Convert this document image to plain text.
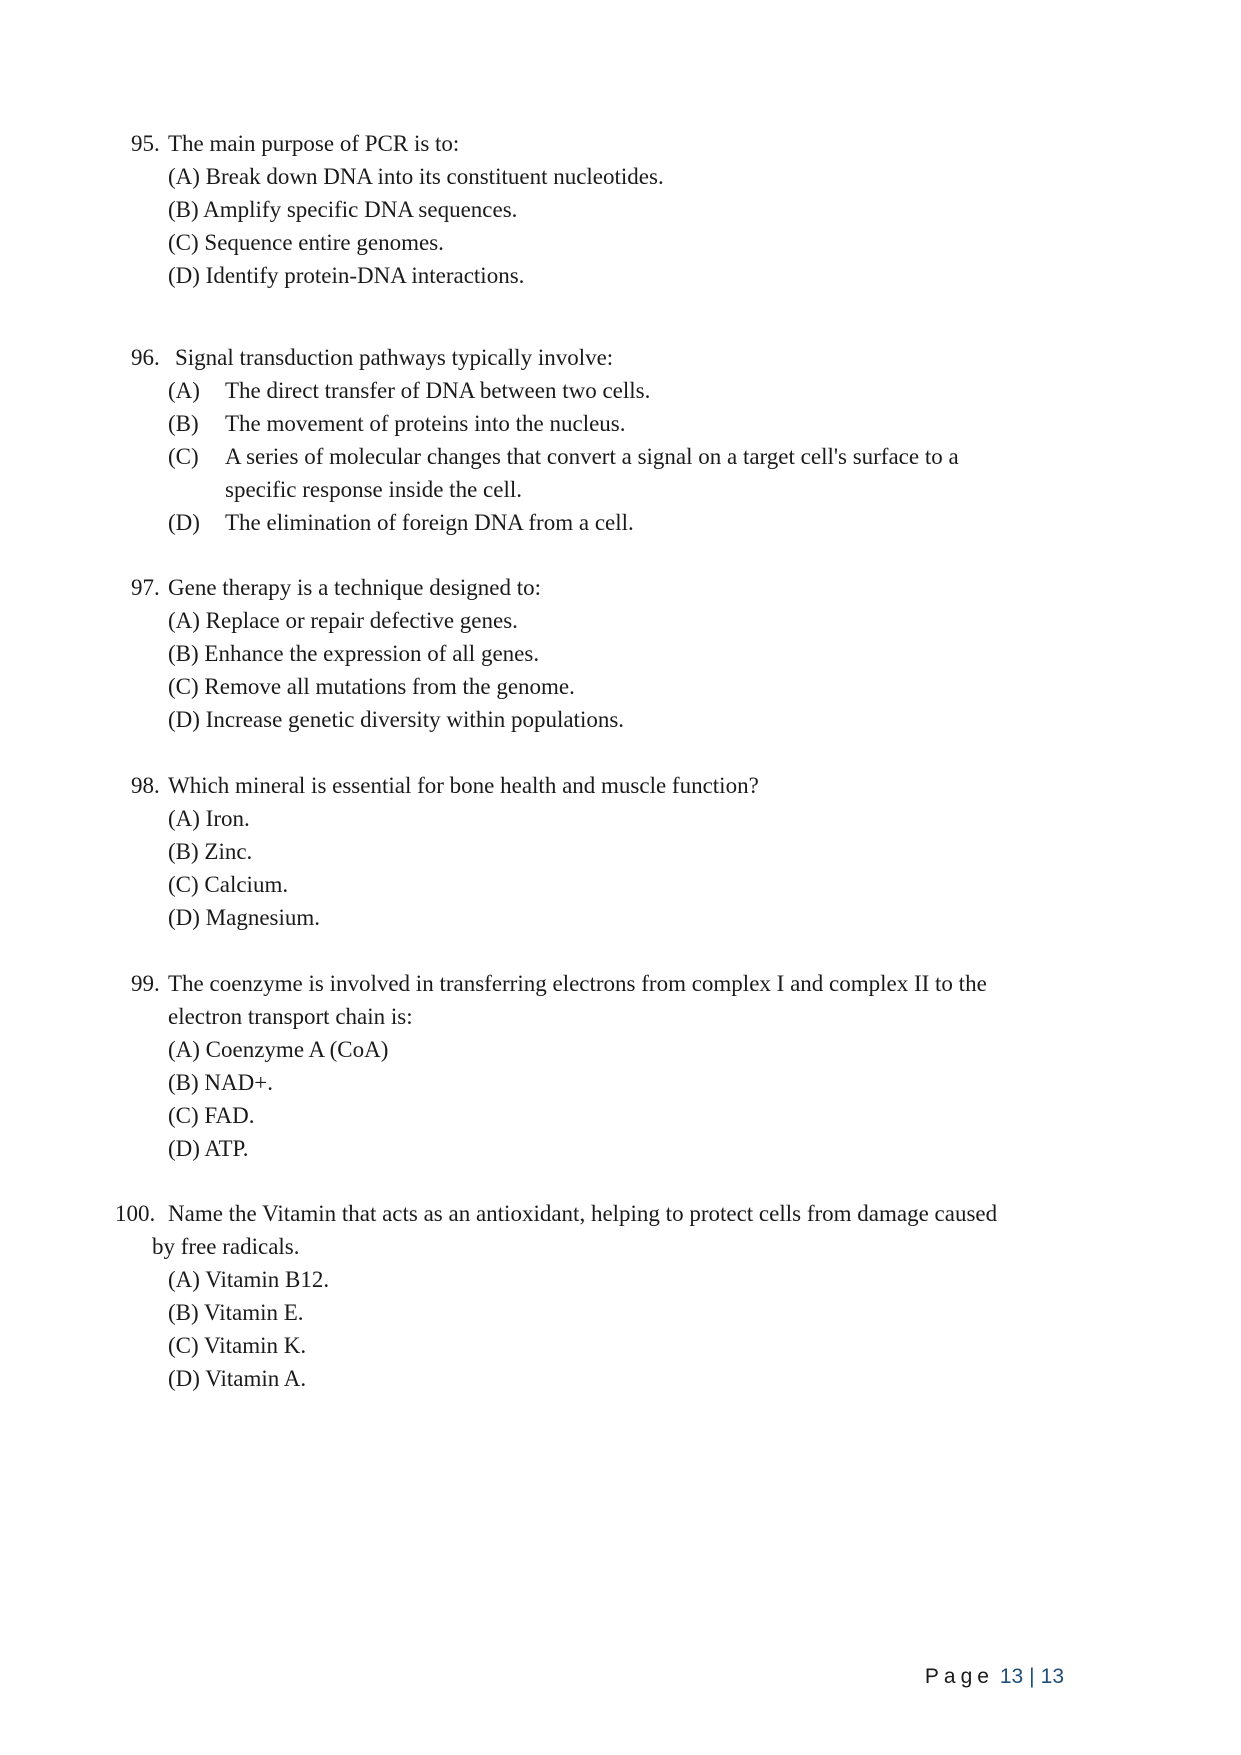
95. The main purpose of PCR is to:
(A) Break down DNA into its constituent nucleotides.
(B) Amplify specific DNA sequences.
(C) Sequence entire genomes.
(D) Identify protein-DNA interactions.
96. Signal transduction pathways typically involve:
(A) The direct transfer of DNA between two cells.
(B) The movement of proteins into the nucleus.
(C) A series of molecular changes that convert a signal on a target cell's surface to a
specific response inside the cell.
(D) The elimination of foreign DNA from a cell.
97. Gene therapy is a technique designed to:
(A) Replace or repair defective genes.
(B) Enhance the expression of all genes.
(C) Remove all mutations from the genome.
(D) Increase genetic diversity within populations.
98. Which mineral is essential for bone health and muscle function?
(A) Iron.
(B) Zinc.
(C) Calcium.
(D) Magnesium.
99. The coenzyme is involved in transferring electrons from complex I and complex II to the
electron transport chain is:
(A) Coenzyme A (CoA)
(B) NAD+.
(C) FAD.
(D) ATP.
100. Name the Vitamin that acts as an antioxidant, helping to protect cells from damage caused
by free radicals.
(A) Vitamin B12.
(B) Vitamin E.
(C) Vitamin K.
(D) Vitamin A.
Page 13 | 13
